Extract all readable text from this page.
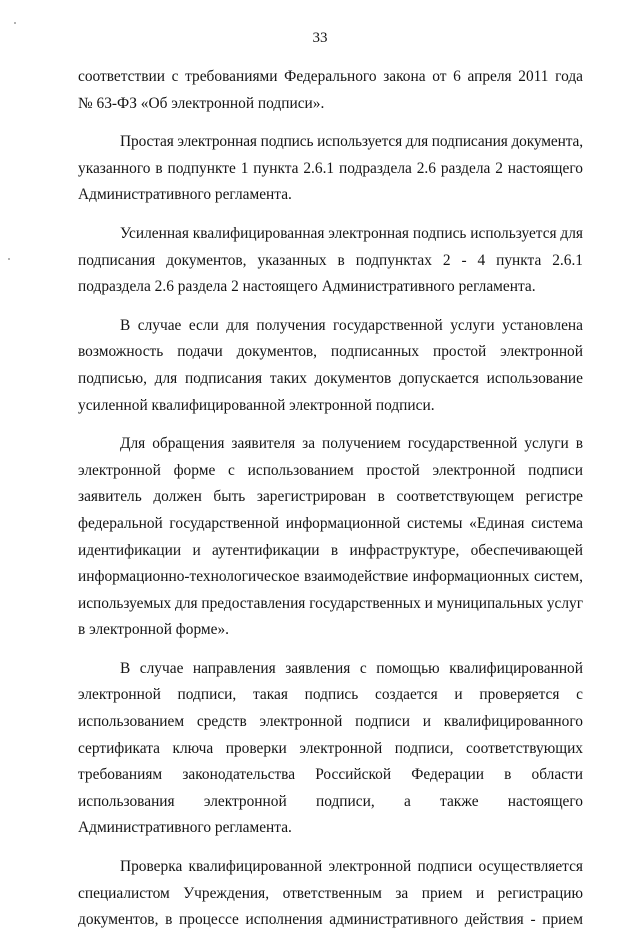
33
соответствии с требованиями Федерального закона от 6 апреля 2011 года
№ 63-ФЗ «Об электронной подписи».
Простая электронная подпись используется для подписания документа,
указанного в подпункте 1 пункта 2.6.1 подраздела 2.6 раздела 2 настоящего
Административного регламента.
Усиленная квалифицированная электронная подпись используется для
подписания документов, указанных в подпунктах 2 - 4 пункта 2.6.1
подраздела 2.6 раздела 2 настоящего Административного регламента.
В случае если для получения государственной услуги установлена
возможность подачи документов, подписанных простой электронной
подписью, для подписания таких документов допускается использование
усиленной квалифицированной электронной подписи.
Для обращения заявителя за получением государственной услуги в
электронной форме с использованием простой электронной подписи
заявитель должен быть зарегистрирован в соответствующем регистре
федеральной государственной информационной системы «Единая система
идентификации и аутентификации в инфраструктуре, обеспечивающей
информационно-технологическое взаимодействие информационных систем,
используемых для предоставления государственных и муниципальных услуг
в электронной форме».
В случае направления заявления с помощью квалифицированной
электронной подписи, такая подпись создается и проверяется с
использованием средств электронной подписи и квалифицированного
сертификата ключа проверки электронной подписи, соответствующих
требованиям законодательства Российской Федерации в области
использования электронной подписи, а также настоящего
Административного регламента.
Проверка квалифицированной электронной подписи осуществляется
специалистом Учреждения, ответственным за прием и регистрацию
документов, в процессе исполнения административного действия - прием
